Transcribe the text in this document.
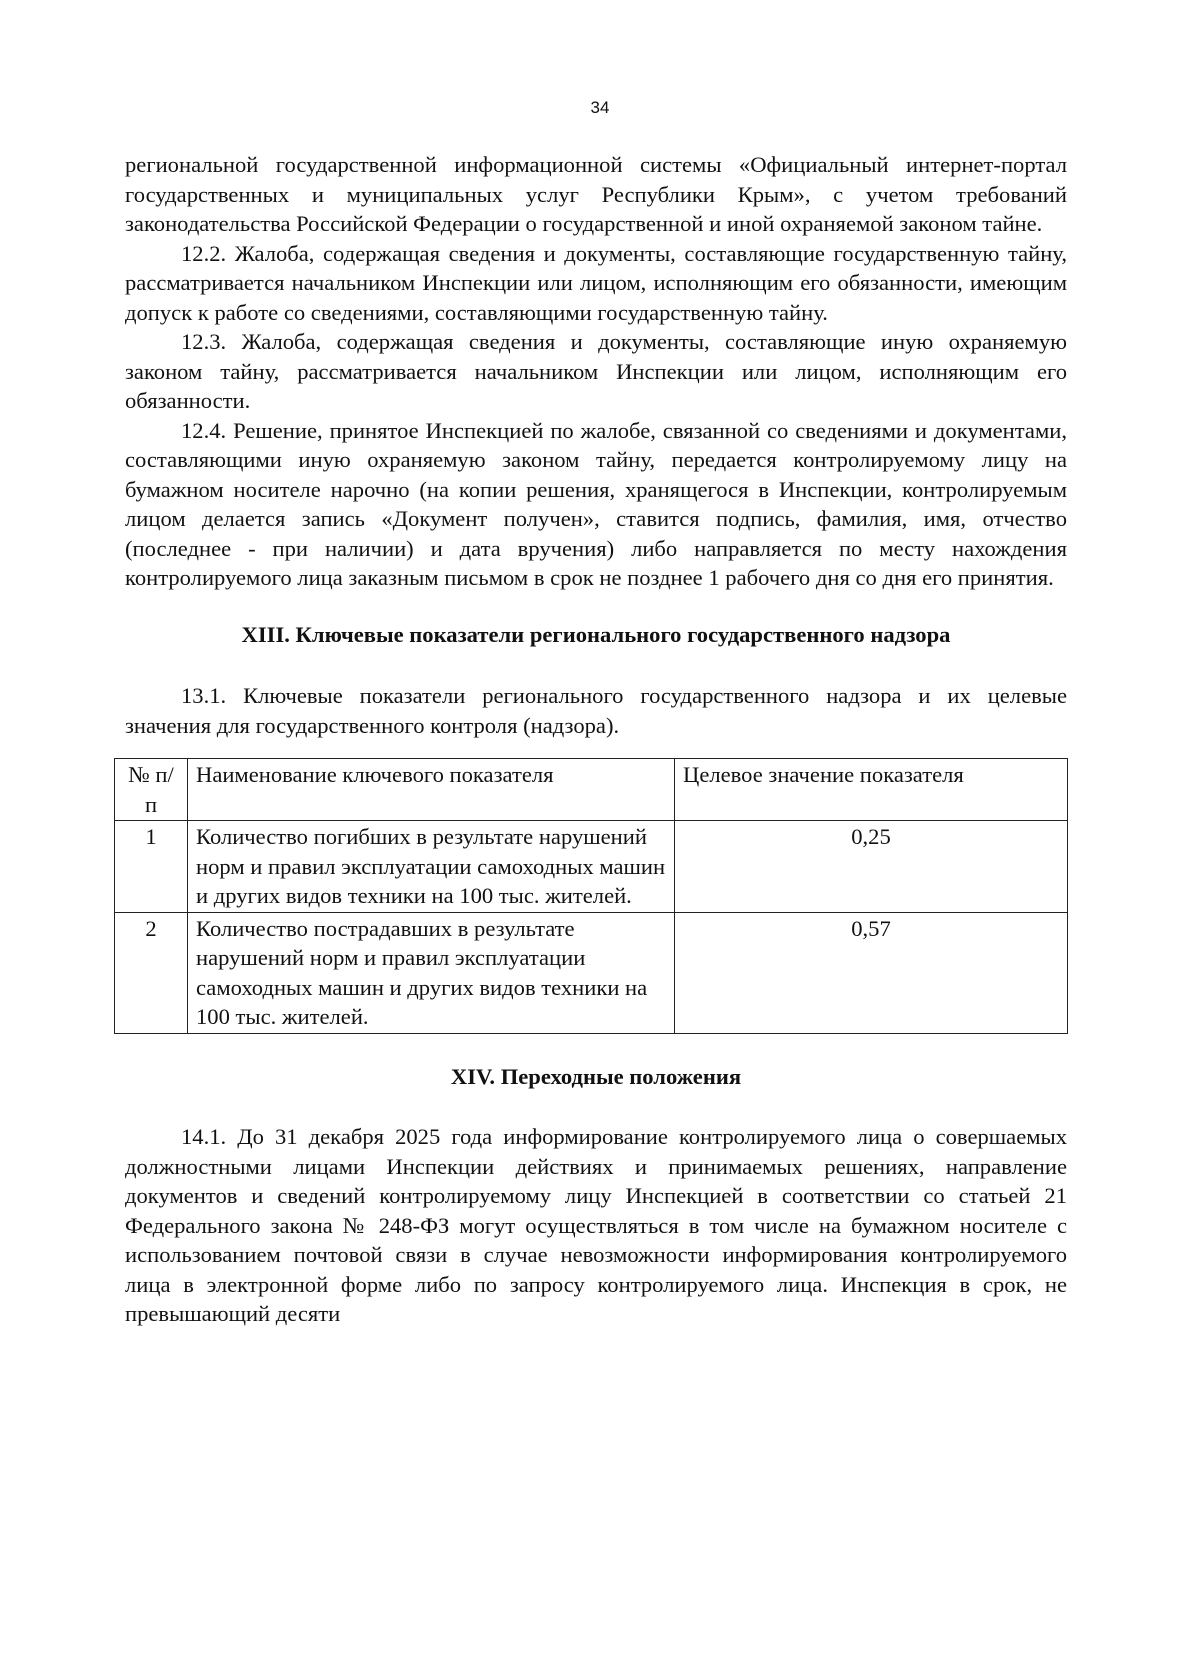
34

региональной государственной информационной системы «Официальный интернет-портал государственных и муниципальных услуг Республики Крым», с учетом требований законодательства Российской Федерации о государственной и иной охраняемой законом тайне.

12.2. Жалоба, содержащая сведения и документы, составляющие государственную тайну, рассматривается начальником Инспекции или лицом, исполняющим его обязанности, имеющим допуск к работе со сведениями, составляющими государственную тайну.

12.3. Жалоба, содержащая сведения и документы, составляющие иную охраняемую законом тайну, рассматривается начальником Инспекции или лицом, исполняющим его обязанности.

12.4. Решение, принятое Инспекцией по жалобе, связанной со сведениями и документами, составляющими иную охраняемую законом тайну, передается контролируемому лицу на бумажном носителе нарочно (на копии решения, хранящегося в Инспекции, контролируемым лицом делается запись «Документ получен», ставится подпись, фамилия, имя, отчество (последнее - при наличии) и дата вручения) либо направляется по месту нахождения контролируемого лица заказным письмом в срок не позднее 1 рабочего дня со дня его принятия.

XIII. Ключевые показатели регионального государственного надзора

13.1. Ключевые показатели регионального государственного надзора и их целевые значения для государственного контроля (надзора).

№ п/п	Наименование ключевого показателя	Целевое значение показателя
1	Количество погибших в результате нарушений норм и правил эксплуатации самоходных машин и других видов техники на 100 тыс. жителей.	0,25
2	Количество пострадавших в результате нарушений норм и правил эксплуатации самоходных машин и других видов техники на 100 тыс. жителей.	0,57

XIV. Переходные положения

14.1. До 31 декабря 2025 года информирование контролируемого лица о совершаемых должностными лицами Инспекции действиях и принимаемых решениях, направление документов и сведений контролируемому лицу Инспекцией в соответствии со статьей 21 Федерального закона № 248-ФЗ могут осуществляться в том числе на бумажном носителе с использованием почтовой связи в случае невозможности информирования контролируемого лица в электронной форме либо по запросу контролируемого лица. Инспекция в срок, не превышающий десяти
